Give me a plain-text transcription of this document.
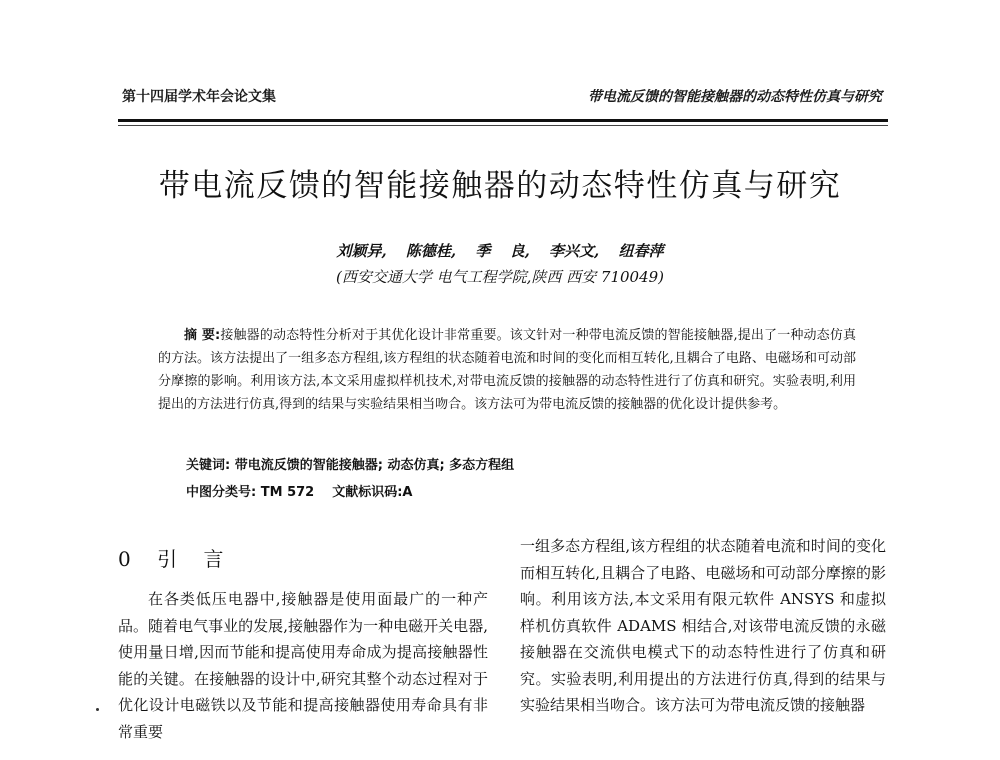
第十四届学术年会论文集	带电流反馈的智能接触器的动态特性仿真与研究
带电流反馈的智能接触器的动态特性仿真与研究
刘颖异, 陈德桂, 季 良, 李兴文, 纽春萍
(西安交通大学 电气工程学院,陕西 西安 710049)
摘 要:接触器的动态特性分析对于其优化设计非常重要。该文针对一种带电流反馈的智能接触器,提出了一种动态仿真的方法。该方法提出了一组多态方程组,该方程组的状态随着电流和时间的变化而相互转化,且耦合了电路、电磁场和可动部分摩擦的影响。利用该方法,本文采用虚拟样机技术,对带电流反馈的接触器的动态特性进行了仿真和研究。实验表明,利用提出的方法进行仿真,得到的结果与实验结果相当吻合。该方法可为带电流反馈的接触器的优化设计提供参考。
关键词: 带电流反馈的智能接触器; 动态仿真; 多态方程组
中图分类号: TM 572 文献标识码:A
0 引 言
在各类低压电器中,接触器是使用面最广的一种产品。随着电气事业的发展,接触器作为一种电磁开关电器,使用量日增,因而节能和提高使用寿命成为提高接触器性能的关键。在接触器的设计中,研究其整个动态过程对于优化设计电磁铁以及节能和提高接触器使用寿命具有非常重要
一组多态方程组,该方程组的状态随着电流和时间的变化而相互转化,且耦合了电路、电磁场和可动部分摩擦的影响。利用该方法,本文采用有限元软件 ANSYS 和虚拟样机仿真软件 ADAMS 相结合,对该带电流反馈的永磁接触器在交流供电模式下的动态特性进行了仿真和研究。实验表明,利用提出的方法进行仿真,得到的结果与实验结果相当吻合。该方法可为带电流反馈的接触器
